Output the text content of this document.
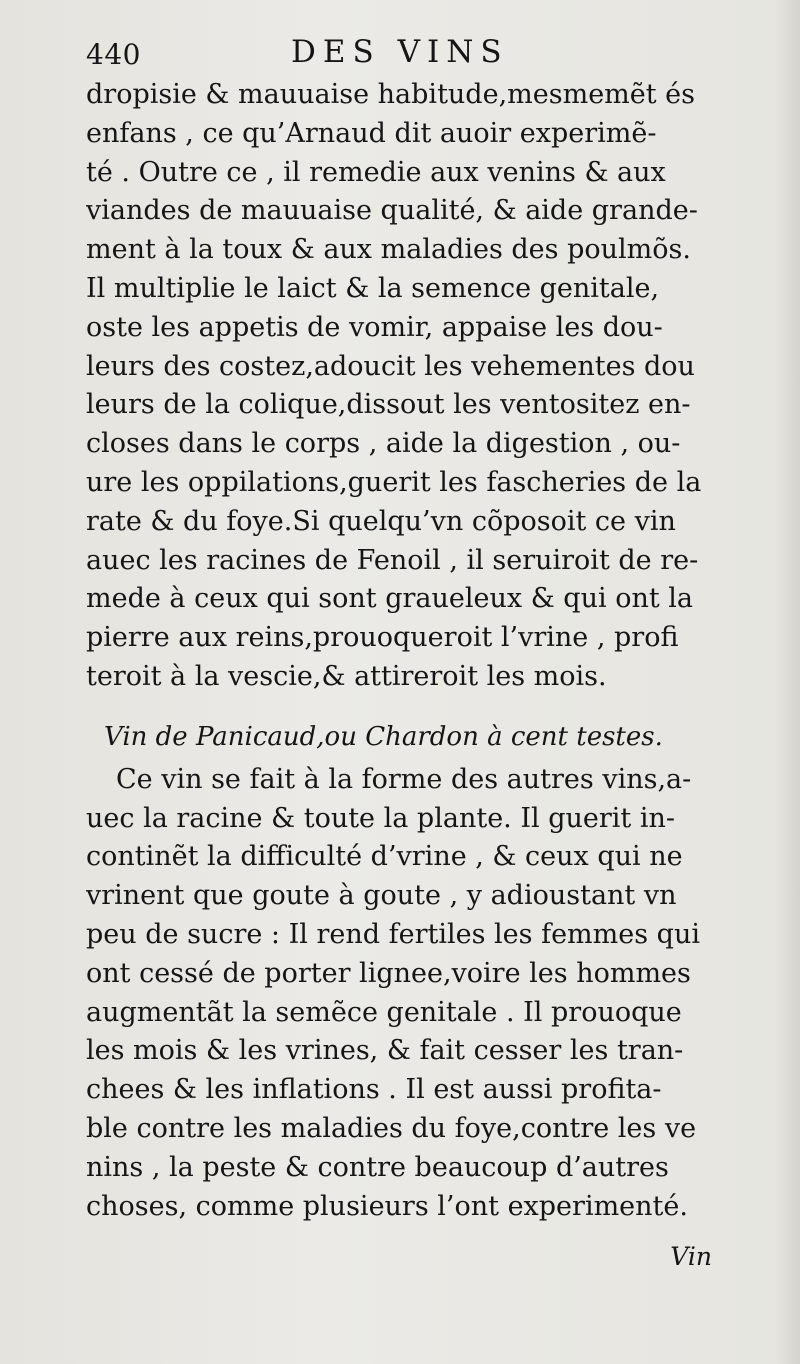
440	DES VINS
dropisie & mauuaise habitude,mesmemẽt és
enfans , ce qu’Arnaud dit auoir experimẽ-
té . Outre ce , il remedie aux venins & aux
viandes de mauuaise qualité, & aide grande-
ment à la toux & aux maladies des poulmõs.
Il multiplie le laict & la semence genitale,
oste les appetis de vomir, appaise les dou-
leurs des costez,adoucit les vehementes dou
leurs de la colique,dissout les ventositez en-
closes dans le corps , aide la digestion , ou-
ure les oppilations,guerit les fascheries de la
rate & du foye.Si quelqu’vn cõposoit ce vin
auec les racines de Fenoil , il seruiroit de re-
mede à ceux qui sont graueleux & qui ont la
pierre aux reins,prouoqueroit l’vrine , profi
teroit à la vescie,& attireroit les mois.
Vin de Panicaud,ou Chardon à cent testes.
Ce vin se fait à la forme des autres vins,a-
uec la racine & toute la plante. Il guerit in-
continẽt la difficulté d’vrine , & ceux qui ne
vrinent que goute à goute , y adioustant vn
peu de sucre : Il rend fertiles les femmes qui
ont cessé de porter lignee,voire les hommes
augmentãt la semẽce genitale . Il prouoque
les mois & les vrines, & fait cesser les tran-
chees & les inflations . Il est aussi profita-
ble contre les maladies du foye,contre les ve
nins , la peste & contre beaucoup d’autres
choses, comme plusieurs l’ont experimenté.
Vin
